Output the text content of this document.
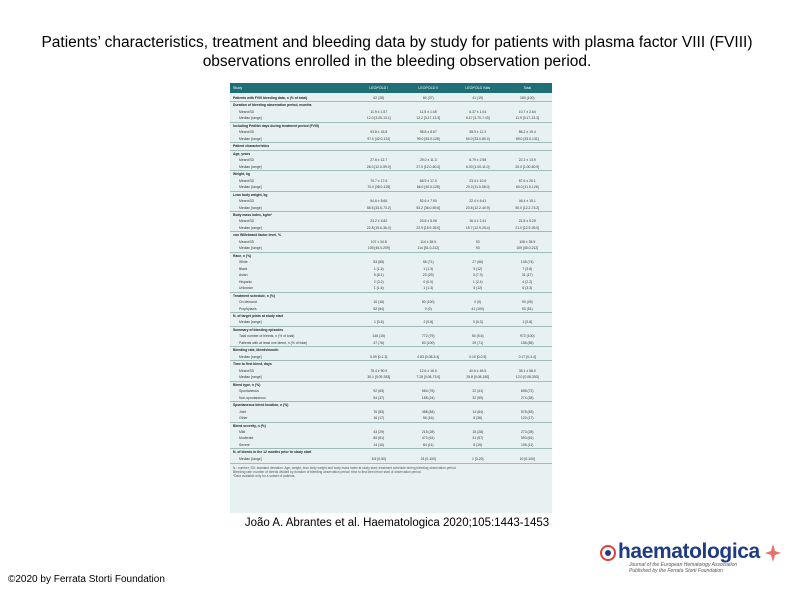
Patients’ characteristics, treatment and bleeding data by study for patients with plasma factor VIII (FVIII) observations enrolled in the bleeding observation period.
Study	LEOPOLD I	LEOPOLD II	LEOPOLD Kids	Total
Patients with FVIII bleeding data, n (% of total)	62 (28)	80 (37)	41 (19)	183 (100)
Duration of bleeding observation period, months
Mean±SD	11.9 ± 1.57	11.5 ± 1.45	6.37 ± 1.04	10.7 ± 2.64
Median [range]	12.0 [3.25-13.1]	12.2 [3.17-13.3]	6.47 [3.70-7.43]	11.9 [3.17-13.3]
Including PedNet days during treatment period (FVIII)
Mean±SD	93.8 ± 15.8	98.8 ± 8.67	58.9 ± 11.3	86.2 ± 19.4
Median [range]	97.0 [42.0-131]	99.0 [53.0-126]	54.0 [33.0-80.0]	89.0 [33.0-131]
Patient characteristics
Age, years
Mean±SD	27.6 ± 12.7	29.0 ± 11.3	5.79 ± 2.98	22.2 ± 13.9
Median [range]	26.0 [12.0-59.0]	27.0 [12.0-60.0]	6.00 [1.00-11.0]	20.0 [1.00-60.0]
Weight, kg
Mean±SD	70.7 ± 17.6	68.9 ± 17.0	23.4 ± 10.6	57.6 ± 25.1
Median [range]	70.0 [38.0-125]	66.0 [40.0-126]	20.0 [11.0-58.0]	60.0 [11.0-126]
Lean body weight, kg
Mean±SD	54.6 ± 8.66	52.6 ± 7.90	22.4 ± 6.41	46.4 ± 15.1
Median [range]	55.5 [33.5-73.2]	53.2 [36.0-69.6]	20.8 [12.2-40.9]	50.0 [12.2-73.2]
Body mass index, kg/m²
Mean±SD	23.2 ± 4.82	23.8 ± 5.06	16.4 ± 2.41	21.8 ± 5.25
Median [range]	22.8 [15.6-36.4]	22.9 [15.9-39.0]	15.7 [12.9-25.4]	21.0 [12.9-39.0]
von Willebrand factor level, %
Mean±SD	107 ± 34.8	114 ± 35.9	93	108 ± 35.5
Median [range]	105 [45.0-209]	114 [51.0-212]	93	109 [45.0-212]
Race, n (%)
White	53 (85)	55 (71)	27 (66)	135 (74)
Black	1 (1.6)	1 (1.3)	5 (12)	7 (3.8)
Asian	5 (8.1)	23 (29)	3 (7.3)	31 (17)
Hispanic	2 (3.2)	0 (0.0)	1 (2.4)	4 (2.2)
Unknown	1 (1.6)	1 (1.3)	5 (12)	6 (3.3)
Treatment schedule, n (%)
On demand	10 (16)	80 (100)	0 (0)	90 (49)
Prophylaxis	52 (84)	0 (0)	41 (100)	93 (51)
N. of target joints at study start
Median [range]	1 [0-6]	2 [0-6]	0 [0-3]	1 [0-6]
Summary of bleeding episodes
Total number of bleeds, n (% of total)	146 (15)	772 (79)	54 (5.6)	972 (100)
Patients with at least one bleed, n (% of total)	47 (76)	80 (100)	29 (71)	156 (85)
Bleeding rate, bleeds/month
Median [range]	0.09 [0-1.3]	0.83 [0.08-3.4]	0.10 [0-0.5]	0.17 [0-3.4]
Time to first bleed, days
Mean±SD	75.4 ± 90.9	12.6 ± 16.0	40.6 ± 45.5	35.1 ± 58.0
Median [range]	30.1 [0.09-353]	7.28 [0.08-73.0]	25.8 [0.08-180]	12.0 [0.08-353]
Bleed type, n (%)
Spontaneous	92 (63)	584 (76)	22 (41)	698 (72)
Non-spontaneous	54 (37)	188 (24)	32 (59)	274 (28)
Spontaneous bleed location, n (%)
Joint	76 (83)	488 (84)	14 (64)	578 (83)
Other	16 (17)	96 (16)	8 (36)	120 (17)
Bleed severity, n (%)
Mild	43 (29)	215 (28)	15 (28)	273 (28)
Moderate	89 (61)	473 (61)	31 (57)	593 (61)
Severe	14 (10)	84 (11)	8 (15)	106 (11)
N. of bleeds in the 12 months prior to study start
Median [range]	5.5 [0-50]	24 [0-100]	1 [0-20]	10 [0-100]
N.: number; SD: standard deviation. Age, weight, lean body weight and body mass index at study start; treatment schedule during bleeding observation period.
Bleeding rate: number of bleeds divided by duration of bleeding observation period; time to first bleed from start of observation period.
*Data available only for a subset of patients.
João A. Abrantes et al. Haematologica 2020;105:1443-1453
©2020 by Ferrata Storti Foundation
haematologica
Journal of the European Hematology Association
Published by the Ferrata Storti Foundation
